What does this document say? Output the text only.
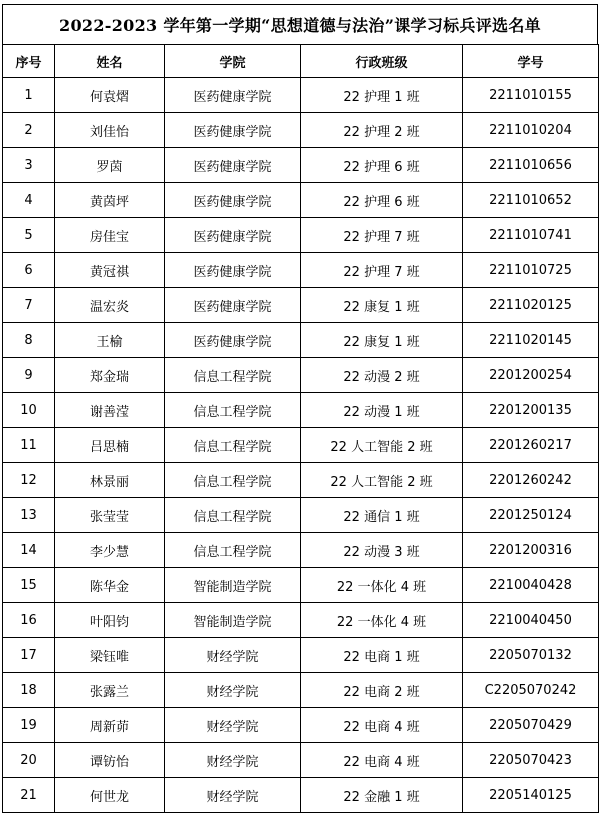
2022-2023 学年第一学期“思想道德与法治”课学习标兵评选名单
序号	姓名	学院	行政班级	学号
1	何袁熠	医药健康学院	22 护理 1 班	2211010155
2	刘佳怡	医药健康学院	22 护理 2 班	2211010204
3	罗茵	医药健康学院	22 护理 6 班	2211010656
4	黄茵坪	医药健康学院	22 护理 6 班	2211010652
5	房佳宝	医药健康学院	22 护理 7 班	2211010741
6	黄冠祺	医药健康学院	22 护理 7 班	2211010725
7	温宏炎	医药健康学院	22 康复 1 班	2211020125
8	王榆	医药健康学院	22 康复 1 班	2211020145
9	郑金瑞	信息工程学院	22 动漫 2 班	2201200254
10	谢善滢	信息工程学院	22 动漫 1 班	2201200135
11	吕思楠	信息工程学院	22 人工智能 2 班	2201260217
12	林景丽	信息工程学院	22 人工智能 2 班	2201260242
13	张莹莹	信息工程学院	22 通信 1 班	2201250124
14	李少慧	信息工程学院	22 动漫 3 班	2201200316
15	陈华金	智能制造学院	22 一体化 4 班	2210040428
16	叶阳钧	智能制造学院	22 一体化 4 班	2210040450
17	梁钰唯	财经学院	22 电商 1 班	2205070132
18	张露兰	财经学院	22 电商 2 班	C2205070242
19	周新茆	财经学院	22 电商 4 班	2205070429
20	谭钫怡	财经学院	22 电商 4 班	2205070423
21	何世龙	财经学院	22 金融 1 班	2205140125
